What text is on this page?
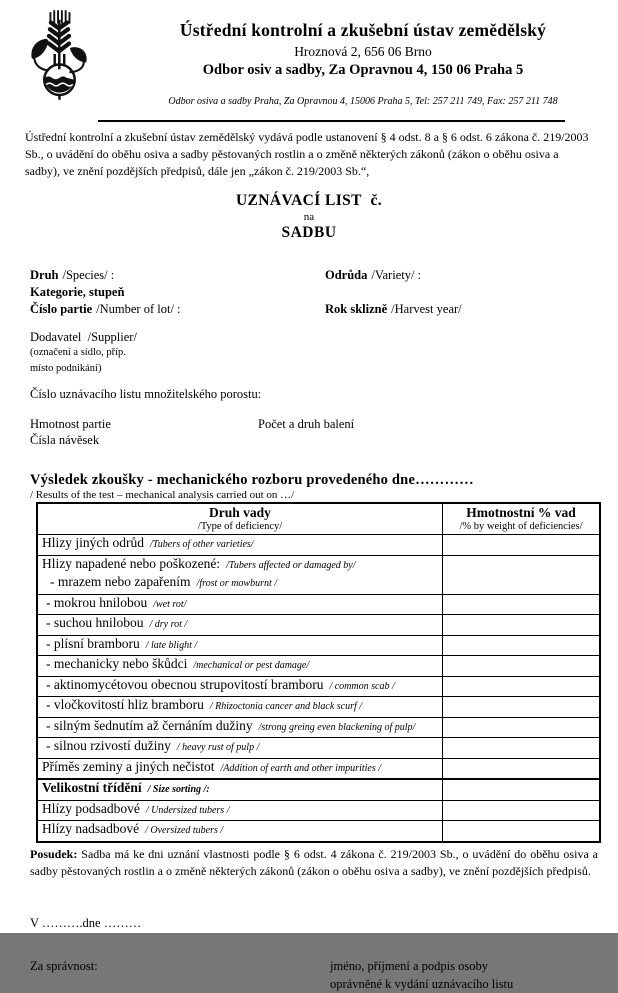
Ústřední kontrolní a zkušební ústav zemědělský
Hroznová 2, 656 06 Brno
Odbor osiv a sadby, Za Opravnou 4, 150 06 Praha 5
Odbor osiva a sadby Praha, Za Opravnou 4, 15006 Praha 5, Tel: 257 211 749, Fax: 257 211 748
Ústřední kontrolní a zkušební ústav zemědělský vydává podle ustanovení § 4 odst. 8 a § 6 odst. 6 zákona č. 219/2003 Sb., o uvádění do oběhu osiva a sadby pěstovaných rostlin a o změně některých zákonů (zákon o oběhu osiva a sadby), ve znění pozdějších předpisů, dále jen „zákon č. 219/2003 Sb.“,
UZNÁVACÍ LIST  č.
na
SADBU
Druh /Species/ :	Odrůda /Variety/ :
Kategorie, stupeň
Číslo partie /Number of lot/ :	Rok sklizně /Harvest year/
Dodavatel  /Supplier/
(označení a sídlo, příp.
místo podnikání)
Číslo uznávacího listu množitelského porostu:
Hmotnost partie	Počet a druh balení
Čísla návěsek
Výsledek zkoušky - mechanického rozboru provedeného dne…………
/ Results of the test – mechanical analysis carried out on …/
Druh vady
/Type of deficiency/
Hmotnostní % vad
/% by weight of deficiencies/
Hlizy jiných odrůd /Tubers of other varieties/
Hlizy napadené nebo poškozené: /Tubers affected or damaged by/
- mrazem nebo zapařením /frost or mowburnt /
- mokrou hnilobou /wet rot/
- suchou hnilobou / dry rot /
- plísní bramboru / late blight /
- mechanicky nebo škůdci /mechanical or pest damage/
- aktinomycétovou obecnou strupovitostí bramboru / common scab /
- vločkovitostí hliz bramboru / Rhizoctonia cancer and black scurf /
- silným šednutím až černáním dužiny /strong greing even blackening of pulp/
- silnou rzivostí dužiny / heavy rust of pulp /
Příměs zeminy a jiných nečistot /Addition of earth and other impurities /
Velikostní třídění / Size sorting /:
Hlízy podsadbové / Undersized tubers /
Hlízy nadsadbové / Oversized tubers /
Posudek: Sadba má ke dni uznání vlastnosti podle § 6 odst. 4 zákona č. 219/2003 Sb., o uvádění do oběhu osiva a sadby pěstovaných rostlin a o změně některých zákonů (zákon o oběhu osiva a sadby), ve znění pozdějších předpisů.
V ……….dne ………
Za správnost:	jméno, příjmení a podpis osoby
oprávněné k vydání uznávacího listu
